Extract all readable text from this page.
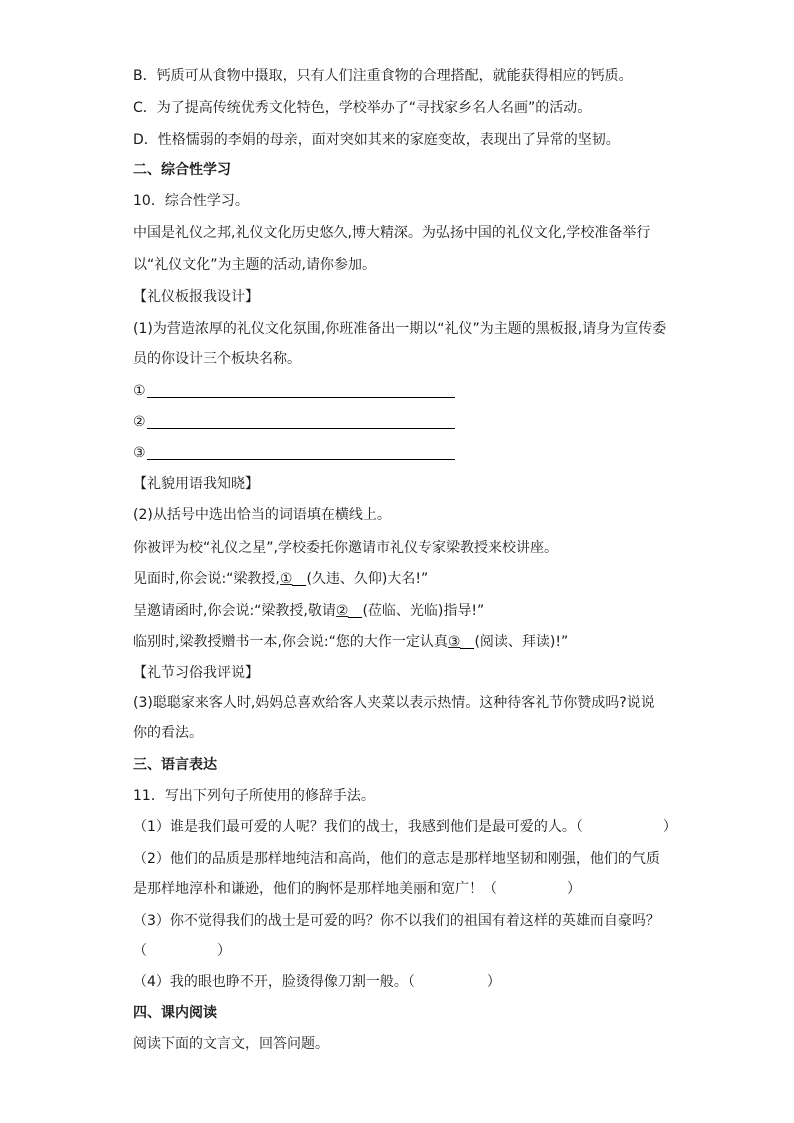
B．钙质可从食物中摄取，只有人们注重食物的合理搭配，就能获得相应的钙质。
C．为了提高传统优秀文化特色，学校举办了“寻找家乡名人名画”的活动。
D．性格懦弱的李娟的母亲，面对突如其来的家庭变故，表现出了异常的坚韧。
二、综合性学习
10．综合性学习。
中国是礼仪之邦,礼仪文化历史悠久,博大精深。为弘扬中国的礼仪文化,学校准备举行
以“礼仪文化”为主题的活动,请你参加。
【礼仪板报我设计】
(1)为营造浓厚的礼仪文化氛围,你班准备出一期以“礼仪”为主题的黑板报,请身为宣传委
员的你设计三个板块名称。
①
②
③
【礼貌用语我知晓】
(2)从括号中选出恰当的词语填在横线上。
你被评为校“礼仪之星”,学校委托你邀请市礼仪专家梁教授来校讲座。
见面时,你会说:“梁教授,① (久违、久仰)大名!”
呈邀请函时,你会说:“梁教授,敬请② (莅临、光临)指导!”
临别时,梁教授赠书一本,你会说:“您的大作一定认真③ (阅读、拜读)!”
【礼节习俗我评说】
(3)聪聪家来客人时,妈妈总喜欢给客人夹菜以表示热情。这种待客礼节你赞成吗?说说
你的看法。
三、语言表达
11．写出下列句子所使用的修辞手法。
（1）谁是我们最可爱的人呢？我们的战士，我感到他们是最可爱的人。（	）
（2）他们的品质是那样地纯洁和高尚，他们的意志是那样地坚韧和刚强，他们的气质
是那样地淳朴和谦逊，他们的胸怀是那样地美丽和宽广！（	）
（3）你不觉得我们的战士是可爱的吗？你不以我们的祖国有着这样的英雄而自豪吗？
（	）
（4）我的眼也睁不开，脸烫得像刀割一般。（	）
四、课内阅读
阅读下面的文言文，回答问题。
